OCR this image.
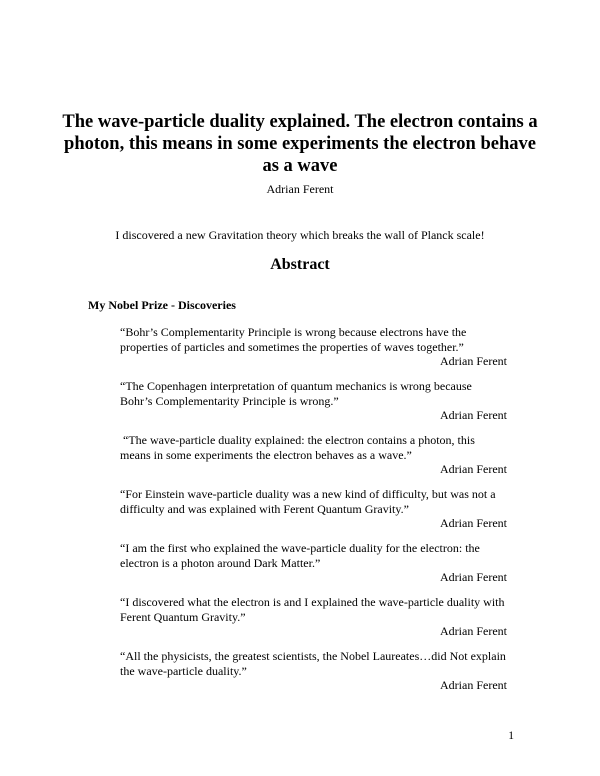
The wave-particle duality explained. The electron contains a photon, this means in some experiments the electron behave as a wave
Adrian Ferent
I discovered a new Gravitation theory which breaks the wall of Planck scale!
Abstract
My Nobel Prize - Discoveries
“Bohr’s Complementarity Principle is wrong because electrons have the properties of particles and sometimes the properties of waves together.”
Adrian Ferent
“The Copenhagen interpretation of quantum mechanics is wrong because Bohr’s Complementarity Principle is wrong.”
Adrian Ferent
“The wave-particle duality explained: the electron contains a photon, this means in some experiments the electron behaves as a wave.”
Adrian Ferent
“For Einstein wave-particle duality was a new kind of difficulty, but was not a difficulty and was explained with Ferent Quantum Gravity.”
Adrian Ferent
“I am the first who explained the wave-particle duality for the electron: the electron is a photon around Dark Matter.”
Adrian Ferent
“I discovered what the electron is and I explained the wave-particle duality with Ferent Quantum Gravity.”
Adrian Ferent
“All the physicists, the greatest scientists, the Nobel Laureates…did Not explain the wave-particle duality.”
Adrian Ferent
1
